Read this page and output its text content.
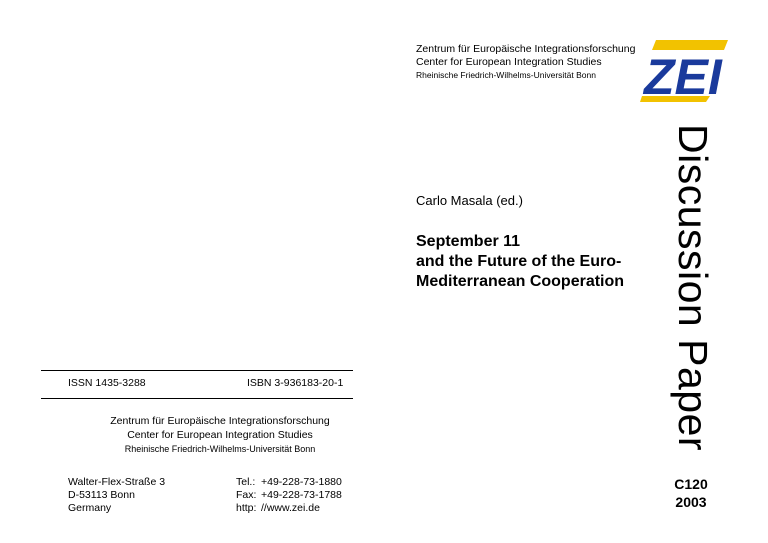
ISSN 1435-3288	ISBN 3-936183-20-1
Zentrum für Europäische Integrationsforschung
Center for European Integration Studies
Rheinische Friedrich-Wilhelms-Universität Bonn
Walter-Flex-Straße 3
D-53113 Bonn
Germany
Tel.: +49-228-73-1880
Fax: +49-228-73-1788
http: //www.zei.de
Zentrum für Europäische Integrationsforschung
Center for European Integration Studies
Rheinische Friedrich-Wilhelms-Universität Bonn ZEI
Carlo Masala (ed.)
September 11
and the Future of the Euro-
Mediterranean Cooperation Discussion Paper
C120
2003
